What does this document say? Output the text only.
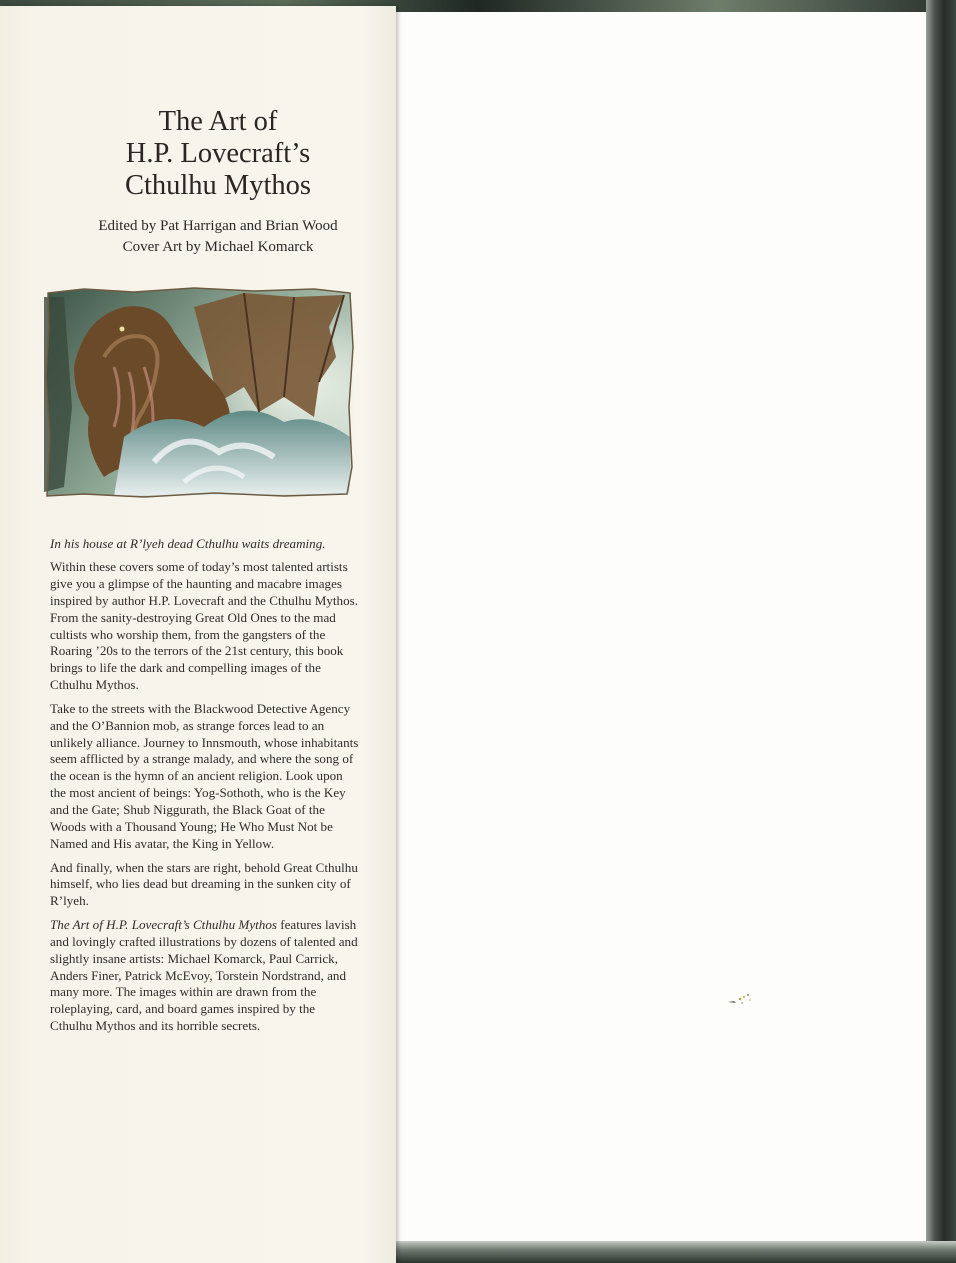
The Art of
H.P. Lovecraft’s
Cthulhu Mythos
Edited by Pat Harrigan and Brian Wood
Cover Art by Michael Komarck

In his house at R’lyeh dead Cthulhu waits dreaming.

Within these covers some of today’s most talented artists give you a glimpse of the haunting and macabre images inspired by author H.P. Lovecraft and the Cthulhu Mythos. From the sanity-destroying Great Old Ones to the mad cultists who worship them, from the gangsters of the Roaring ’20s to the terrors of the 21st century, this book brings to life the dark and compelling images of the Cthulhu Mythos.

Take to the streets with the Blackwood Detective Agency and the O’Bannion mob, as strange forces lead to an unlikely alliance. Journey to Innsmouth, whose inhabitants seem afflicted by a strange malady, and where the song of the ocean is the hymn of an ancient religion. Look upon the most ancient of beings: Yog-Sothoth, who is the Key and the Gate; Shub Niggurath, the Black Goat of the Woods with a Thousand Young; He Who Must Not be Named and His avatar, the King in Yellow.

And finally, when the stars are right, behold Great Cthulhu himself, who lies dead but dreaming in the sunken city of R’lyeh.

The Art of H.P. Lovecraft’s Cthulhu Mythos features lavish and lovingly crafted illustrations by dozens of talented and slightly insane artists: Michael Komarck, Paul Carrick, Anders Finer, Patrick McEvoy, Torstein Nordstrand, and many more. The images within are drawn from the roleplaying, card, and board games inspired by the Cthulhu Mythos and its horrible secrets.
